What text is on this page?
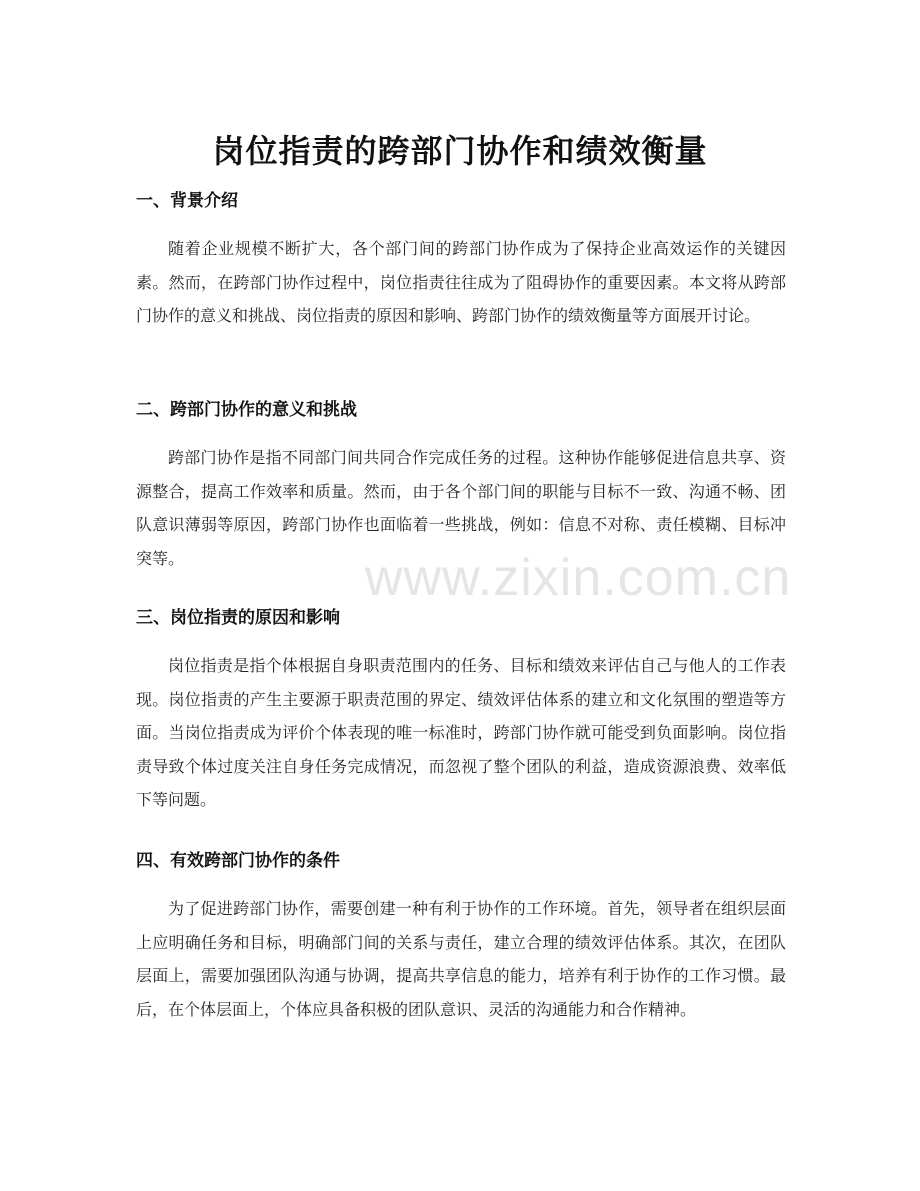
岗位指责的跨部门协作和绩效衡量
一、背景介绍

随着企业规模不断扩大，各个部门间的跨部门协作成为了保持企业高效运作的关键因素。然而，在跨部门协作过程中，岗位指责往往成为了阻碍协作的重要因素。本文将从跨部门协作的意义和挑战、岗位指责的原因和影响、跨部门协作的绩效衡量等方面展开讨论。

二、跨部门协作的意义和挑战

跨部门协作是指不同部门间共同合作完成任务的过程。这种协作能够促进信息共享、资源整合，提高工作效率和质量。然而，由于各个部门间的职能与目标不一致、沟通不畅、团队意识薄弱等原因，跨部门协作也面临着一些挑战，例如：信息不对称、责任模糊、目标冲突等。

三、岗位指责的原因和影响

岗位指责是指个体根据自身职责范围内的任务、目标和绩效来评估自己与他人的工作表现。岗位指责的产生主要源于职责范围的界定、绩效评估体系的建立和文化氛围的塑造等方面。当岗位指责成为评价个体表现的唯一标准时，跨部门协作就可能受到负面影响。岗位指责导致个体过度关注自身任务完成情况，而忽视了整个团队的利益，造成资源浪费、效率低下等问题。

四、有效跨部门协作的条件

为了促进跨部门协作，需要创建一种有利于协作的工作环境。首先，领导者在组织层面上应明确任务和目标，明确部门间的关系与责任，建立合理的绩效评估体系。其次，在团队层面上，需要加强团队沟通与协调，提高共享信息的能力，培养有利于协作的工作习惯。最后，在个体层面上，个体应具备积极的团队意识、灵活的沟通能力和合作精神。

www.zixin.com.cn
